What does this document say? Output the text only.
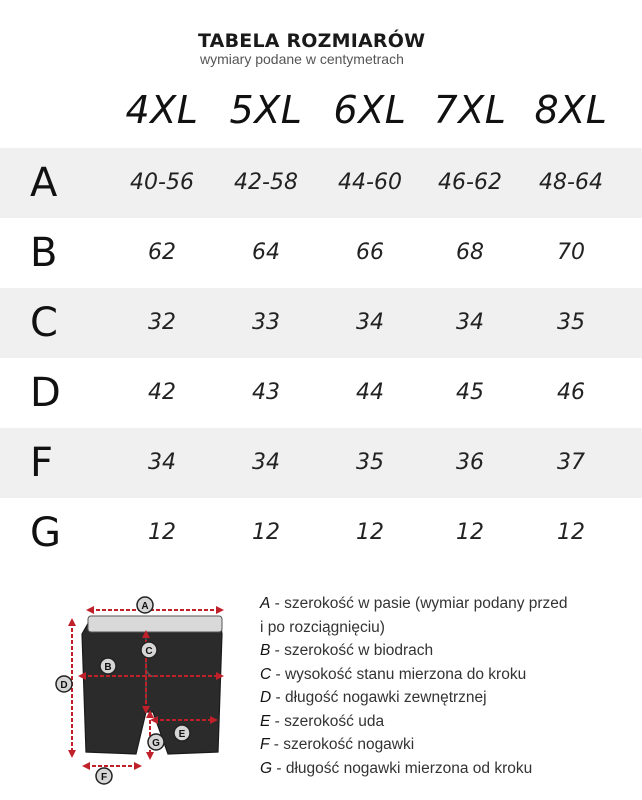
TABELA ROZMIARÓW
wymiary podane w centymetrach
4XL 5XL 6XL 7XL 8XL
A	40-56	42-58	44-60	46-62	48-64
B	62	64	66	68	70
C	32	33	34	34	35
D	42	43	44	45	46
F	34	34	35	36	37
G	12	12	12	12	12
A
B
C
D
E
F
G
A - szerokość w pasie (wymiar podany przed
i po rozciągnięciu)
B - szerokość w biodrach
C - wysokość stanu mierzona do kroku
D - długość nogawki zewnętrznej
E - szerokość uda
F - szerokość nogawki
G - długość nogawki mierzona od kroku
